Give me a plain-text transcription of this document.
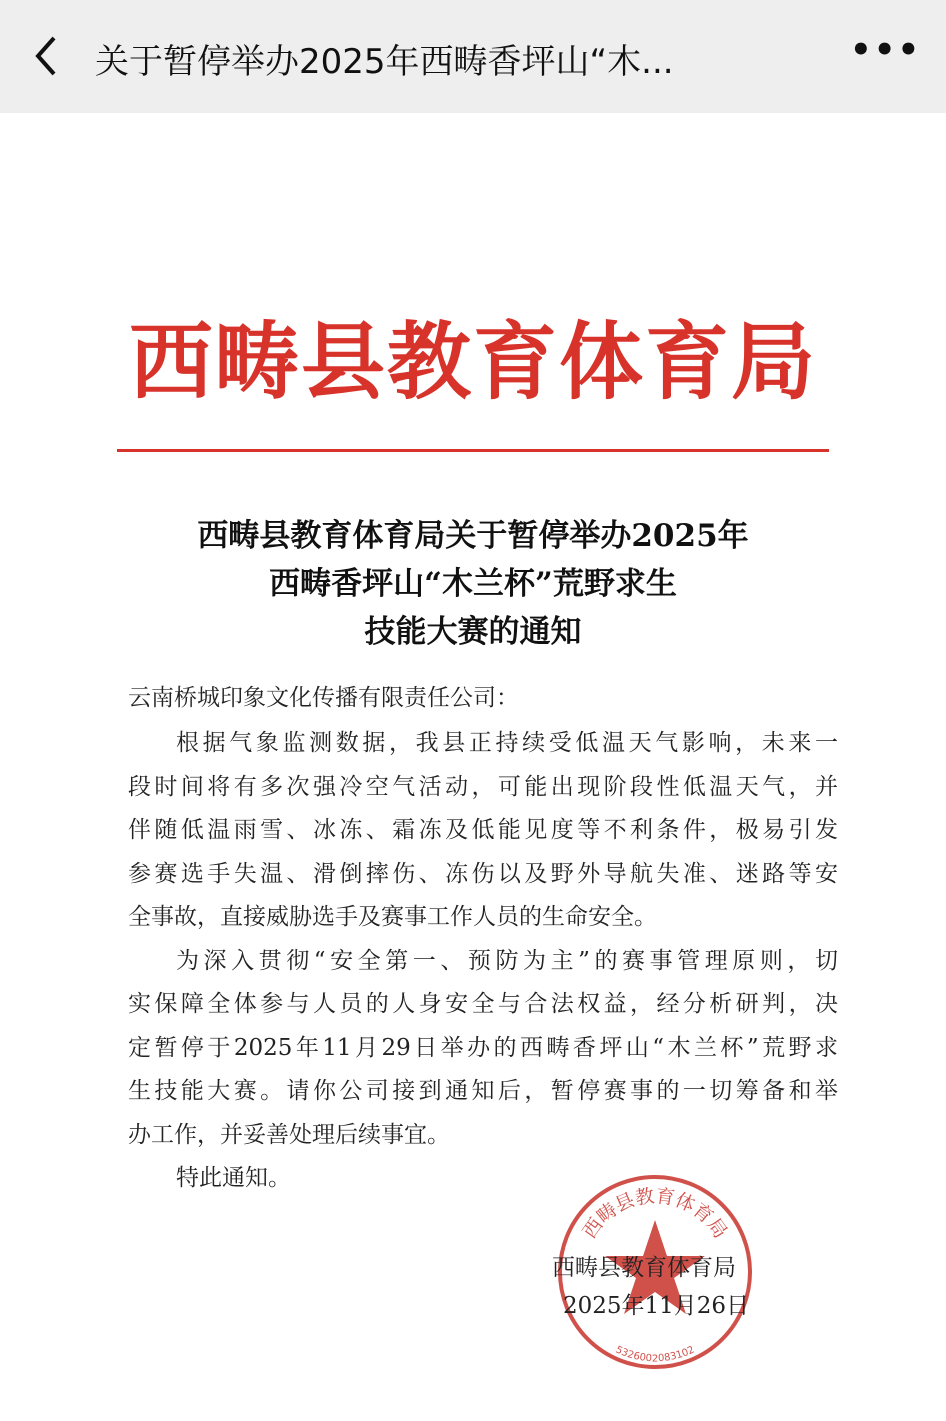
关于暂停举办2025年西畴香坪山“木...	•••
西畴县教育体育局
西畴县教育体育局关于暂停举办2025年
西畴香坪山“木兰杯”荒野求生
技能大赛的通知
云南桥城印象文化传播有限责任公司：
根据气象监测数据，我县正持续受低温天气影响，未来一
段时间将有多次强冷空气活动，可能出现阶段性低温天气，并
伴随低温雨雪、冰冻、霜冻及低能见度等不利条件，极易引发
参赛选手失温、滑倒摔伤、冻伤以及野外导航失准、迷路等安
全事故，直接威胁选手及赛事工作人员的生命安全。
为深入贯彻“安全第一、预防为主”的赛事管理原则，切
实保障全体参与人员的人身安全与合法权益，经分析研判，决
定暂停于2025年11月29日举办的西畴香坪山“木兰杯”荒野求
生技能大赛。请你公司接到通知后，暂停赛事的一切筹备和举
办工作，并妥善处理后续事宜。
特此通知。
西畴县教育体育局
5326002083102
西畴县教育体育局
2025年11月26日
